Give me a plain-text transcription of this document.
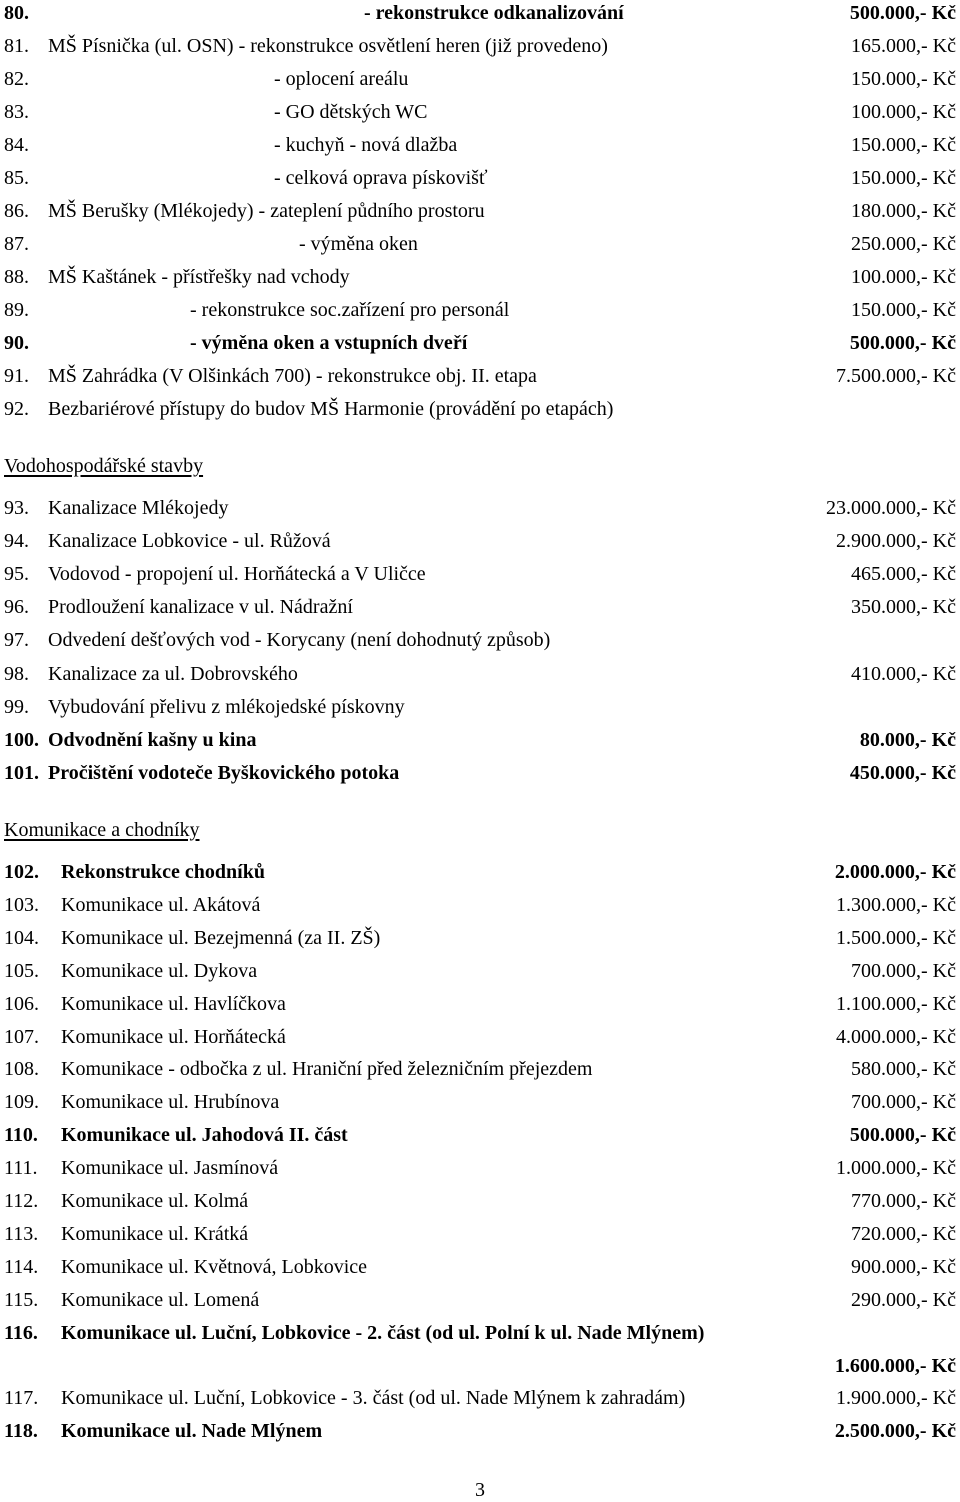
80.	- rekonstrukce odkanalizování	500.000,- Kč
81. MŠ Písnička (ul. OSN) - rekonstrukce osvětlení heren (již provedeno)	165.000,- Kč
82.	- oplocení areálu	150.000,- Kč
83.	- GO dětských WC	100.000,- Kč
84.	- kuchyň - nová dlažba	150.000,- Kč
85.	- celková oprava pískovišť	150.000,- Kč
86. MŠ Berušky (Mlékojedy) - zateplení půdního prostoru	180.000,- Kč
87.	- výměna oken	250.000,- Kč
88. MŠ Kaštánek - přístřešky nad vchody	100.000,- Kč
89.	- rekonstrukce soc.zařízení pro personál	150.000,- Kč
90.	- výměna oken a vstupních dveří	500.000,- Kč
91. MŠ Zahrádka (V Olšinkách 700) - rekonstrukce obj. II. etapa	7.500.000,- Kč
92. Bezbariérové přístupy do budov MŠ Harmonie (provádění po etapách)
Vodohospodářské stavby
93. Kanalizace Mlékojedy	23.000.000,- Kč
94. Kanalizace Lobkovice - ul. Růžová	2.900.000,- Kč
95. Vodovod - propojení ul. Horňátecká a V Uličce	465.000,- Kč
96. Prodloužení kanalizace v ul. Nádražní	350.000,- Kč
97. Odvedení dešťových vod - Korycany (není dohodnutý způsob)
98. Kanalizace za ul. Dobrovského	410.000,- Kč
99. Vybudování přelivu z mlékojedské pískovny
100. Odvodnění kašny u kina	80.000,- Kč
101. Pročištění vodoteče Byškovického potoka	450.000,- Kč
Komunikace a chodníky
102. Rekonstrukce chodníků	2.000.000,- Kč
103. Komunikace ul. Akátová	1.300.000,- Kč
104. Komunikace ul. Bezejmenná (za II. ZŠ)	1.500.000,- Kč
105. Komunikace ul. Dykova	700.000,- Kč
106. Komunikace ul. Havlíčkova	1.100.000,- Kč
107. Komunikace ul. Horňátecká	4.000.000,- Kč
108. Komunikace - odbočka z ul. Hraniční před železničním přejezdem	580.000,- Kč
109. Komunikace ul. Hrubínova	700.000,- Kč
110. Komunikace ul. Jahodová II. část	500.000,- Kč
111. Komunikace ul. Jasmínová	1.000.000,- Kč
112. Komunikace ul. Kolmá	770.000,- Kč
113. Komunikace ul. Krátká	720.000,- Kč
114. Komunikace ul. Květnová, Lobkovice	900.000,- Kč
115. Komunikace ul. Lomená	290.000,- Kč
116. Komunikace ul. Luční, Lobkovice - 2. část (od ul. Polní k ul. Nade Mlýnem)
1.600.000,- Kč
117. Komunikace ul. Luční, Lobkovice - 3. část (od ul. Nade Mlýnem k zahradám)	1.900.000,- Kč
118. Komunikace ul. Nade Mlýnem	2.500.000,- Kč
3
